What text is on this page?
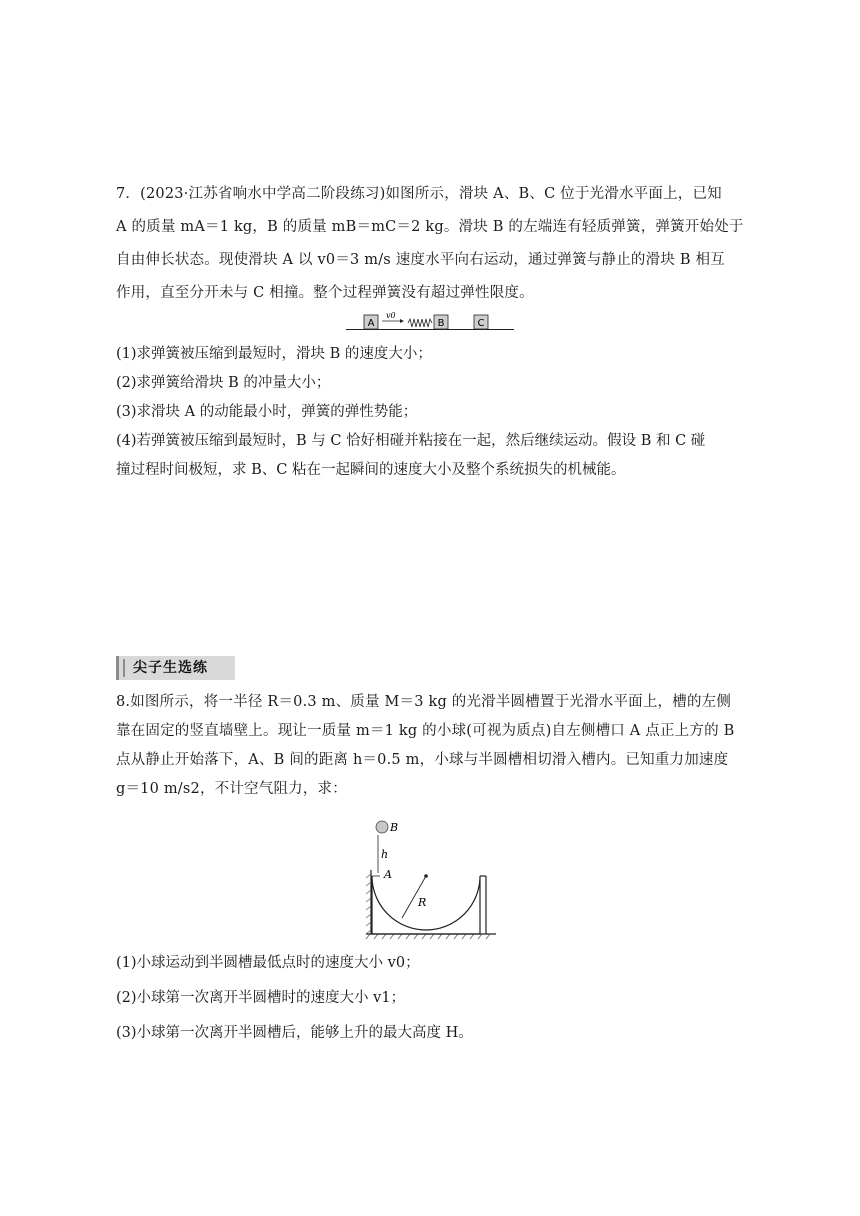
7．(2023·江苏省响水中学高二阶段练习)如图所示，滑块 A、B、C 位于光滑水平面上，已知
A 的质量 mA＝1 kg，B 的质量 mB＝mC＝2 kg。滑块 B 的左端连有轻质弹簧，弹簧开始处于
自由伸长状态。现使滑块 A 以 v0＝3 m/s 速度水平向右运动，通过弹簧与静止的滑块 B 相互
作用，直至分开未与 C 相撞。整个过程弹簧没有超过弹性限度。
A
v0
B	C
(1)求弹簧被压缩到最短时，滑块 B 的速度大小；
(2)求弹簧给滑块 B 的冲量大小；
(3)求滑块 A 的动能最小时，弹簧的弹性势能；
(4)若弹簧被压缩到最短时，B 与 C 恰好相碰并粘接在一起，然后继续运动。假设 B 和 C 碰
撞过程时间极短，求 B、C 粘在一起瞬间的速度大小及整个系统损失的机械能。
尖子生选练
8.如图所示，将一半径 R＝0.3 m、质量 M＝3 kg 的光滑半圆槽置于光滑水平面上，槽的左侧
靠在固定的竖直墙壁上。现让一质量 m＝1 kg 的小球(可视为质点)自左侧槽口 A 点正上方的 B
点从静止开始落下，A、B 间的距离 h＝0.5 m，小球与半圆槽相切滑入槽内。已知重力加速度
g＝10 m/s2，不计空气阻力，求：
R
B
h
A
(1)小球运动到半圆槽最低点时的速度大小 v0；
(2)小球第一次离开半圆槽时的速度大小 v1；
(3)小球第一次离开半圆槽后，能够上升的最大高度 H。
